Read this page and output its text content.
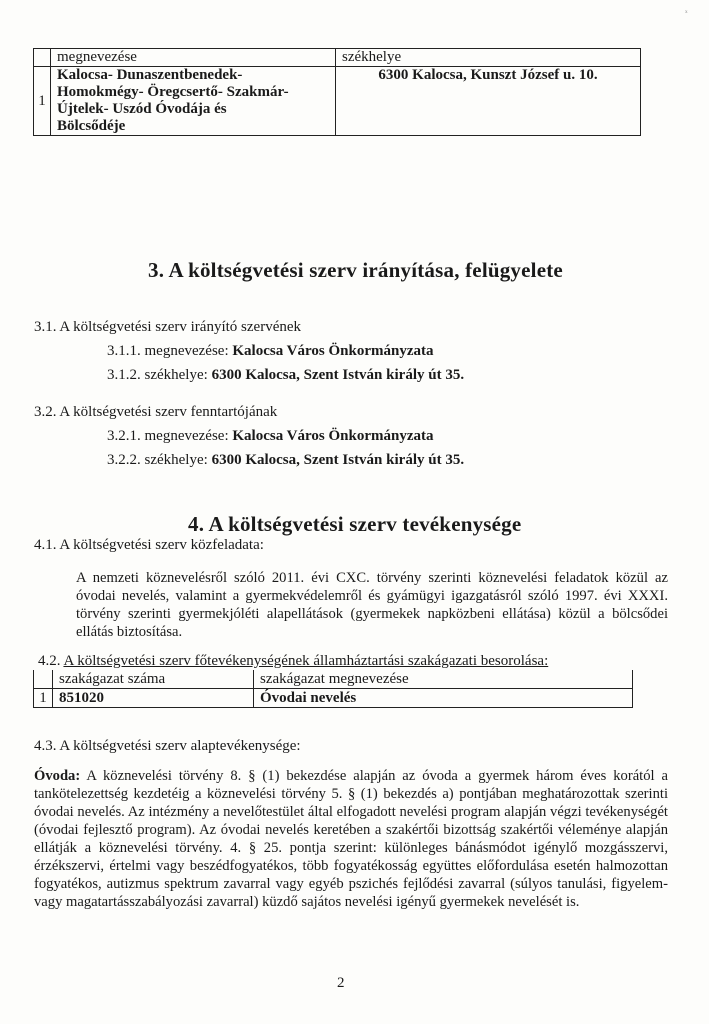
ₓ
	megnevezése	székhelye
1	Kalocsa- Dunaszentbenedek-
Homokmégy- Öregcsertő- Szakmár-
Újtelek- Uszód Óvodája és
Bölcsődéje	6300 Kalocsa, Kunszt József u. 10.
3. A költségvetési szerv irányítása, felügyelete
3.1. A költségvetési szerv irányító szervének
3.1.1. megnevezése: Kalocsa Város Önkormányzata
3.1.2. székhelye: 6300 Kalocsa, Szent István király út 35.
3.2. A költségvetési szerv fenntartójának
3.2.1. megnevezése: Kalocsa Város Önkormányzata
3.2.2. székhelye: 6300 Kalocsa, Szent István király út 35.
4. A költségvetési szerv tevékenysége
4.1. A költségvetési szerv közfeladata:
A nemzeti köznevelésről szóló 2011. évi CXC. törvény szerinti köznevelési feladatok közül az óvodai nevelés, valamint a gyermekvédelemről és gyámügyi igazgatásról szóló 1997. évi XXXI. törvény szerinti gyermekjóléti alapellátások (gyermekek napközbeni ellátása) közül a bölcsődei ellátás biztosítása.
4.2. A költségvetési szerv főtevékenységének államháztartási szakágazati besorolása:
	szakágazat száma	szakágazat megnevezése
1	851020	Óvodai nevelés
4.3. A költségvetési szerv alaptevékenysége:
Óvoda: A köznevelési törvény 8. § (1) bekezdése alapján az óvoda a gyermek három éves korától a tankötelezettség kezdetéig a köznevelési törvény 5. § (1) bekezdés a) pontjában meghatározottak szerinti óvodai nevelés. Az intézmény a nevelőtestület által elfogadott nevelési program alapján végzi tevékenységét (óvodai fejlesztő program). Az óvodai nevelés keretében a szakértői bizottság szakértői véleménye alapján ellátják a köznevelési törvény. 4. § 25. pontja szerint: különleges bánásmódot igénylő mozgásszervi, érzékszervi, értelmi vagy beszédfogyatékos, több fogyatékosság együttes előfordulása esetén halmozottan fogyatékos, autizmus spektrum zavarral vagy egyéb pszichés fejlődési zavarral (súlyos tanulási, figyelem- vagy magatartásszabályozási zavarral) küzdő sajátos nevelési igényű gyermekek nevelését is.
2
